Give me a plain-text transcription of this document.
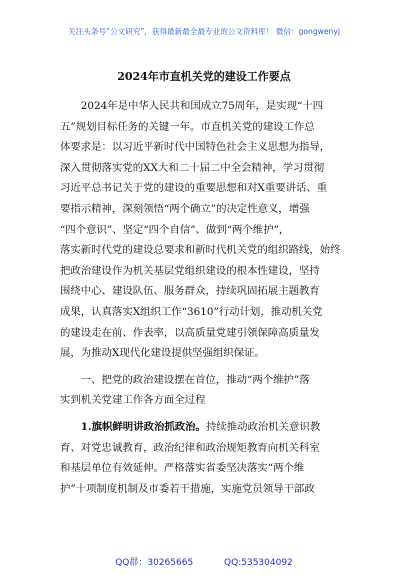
关注头条号“公文研究”，获得最新最全最专业的公文资料库！ 微信：gongwenyj
2024年市直机关党的建设工作要点
　　2024年是中华人民共和国成立75周年，是实现“十四
五”规划目标任务的关键一年。市直机关党的建设工作总
体要求是：以习近平新时代中国特色社会主义思想为指导，
深入贯彻落实党的XX大和二十届二中全会精神，学习贯彻
习近平总书记关于党的建设的重要思想和对X重要讲话、重
要指示精神，深刻领悟“两个确立”的决定性意义，增强
“四个意识”、坚定“四个自信”、做到“两个维护”，
落实新时代党的建设总要求和新时代机关党的组织路线，始终
把政治建设作为机关基层党组织建设的根本性建设，坚持
围绕中心、建设队伍、服务群众，持续巩固拓展主题教育
成果，认真落实X组织工作“3610”行动计划，推动机关党
的建设走在前、作表率，以高质量党建引领保障高质量发
展，为推动X现代化建设提供坚强组织保证。
　　一、把党的政治建设摆在首位，推动“两个维护”落
实到机关党建工作各方面全过程
　　1.旗帜鲜明讲政治抓政治。持续推动政治机关意识教
育、对党忠诚教育，政治纪律和政治规矩教育向机关科室
和基层单位有效延伸。严格落实省委坚决落实“两个维
护”十项制度机制及市委若干措施，实施党员领导干部政
QQ群：30265665	QQ:535304092
